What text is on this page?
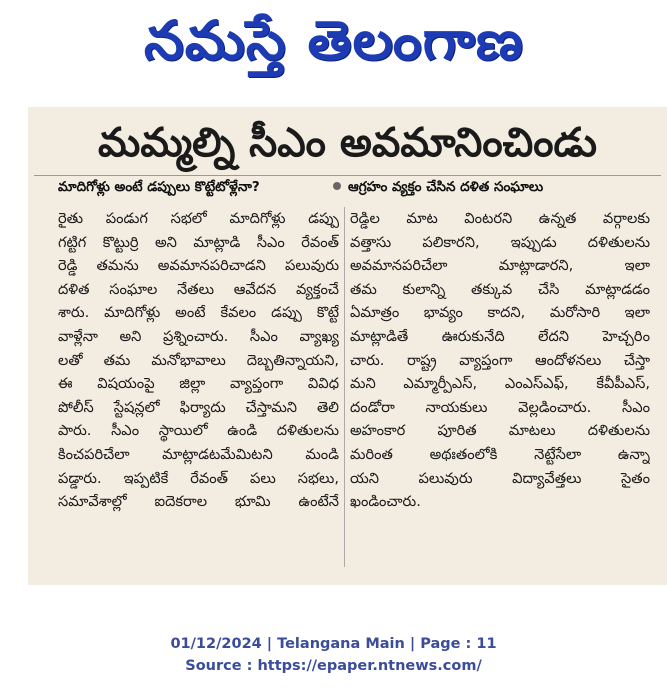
నమస్తే తెలంగాణ
మమ్మల్ని సీఎం అవమానించిండు
మాదిగోళ్లు అంటే డప్పులు కొట్టేటోళ్లేనా?	ఆగ్రహం వ్యక్తం చేసిన దళిత సంఘాలు
రైతు పండుగ సభలో మాదిగోళ్లు డప్పు
గట్టిగ కొట్టుర్రి అని మాట్లాడి సీఎం రేవంత్
రెడ్డి తమను అవమానపరిచాడని పలువురు
దళిత సంఘాల నేతలు ఆవేదన వ్యక్తంచే
శారు. మాదిగోళ్లు అంటే కేవలం డప్పు కొట్టే
వాళ్లేనా అని ప్రశ్నించారు. సీఎం వ్యాఖ్య
లతో తమ మనోభావాలు దెబ్బతిన్నాయని,
ఈ విషయంపై జిల్లా వ్యాప్తంగా వివిధ
పోలీస్ స్టేషన్లలో ఫిర్యాదు చేస్తామని తెలి
పారు. సీఎం స్థాయిలో ఉండి దళితులను
కించపరిచేలా మాట్లాడటమేమిటని మండి
పడ్డారు. ఇప్పటికే రేవంత్ పలు సభలు,
సమావేశాల్లో ఐదెకరాల భూమి ఉంటేనే
రెడ్డిల మాట వింటరని ఉన్నత వర్గాలకు
వత్తాసు పలికారని, ఇప్పుడు దళితులను
అవమానపరిచేలా మాట్లాడారని, ఇలా
తమ కులాన్ని తక్కువ చేసి మాట్లాడడం
ఏమాత్రం భావ్యం కాదని, మరోసారి ఇలా
మాట్లాడితే ఊరుకునేది లేదని హెచ్చరిం
చారు. రాష్ట్ర వ్యాప్తంగా ఆందోళనలు చేస్తా
మని ఎమ్మార్పీఎస్, ఎంఎస్ఎఫ్, కేవీపీఎస్,
దండోరా నాయకులు వెల్లడించారు. సీఎం
అహంకార పూరిత మాటలు దళితులను
మరింత అథఃతంలోకి నెట్టేసేలా ఉన్నా
యని పలువురు విద్యావేత్తలు సైతం
ఖండించారు.
01/12/2024 | Telangana Main | Page : 11
Source : https://epaper.ntnews.com/
